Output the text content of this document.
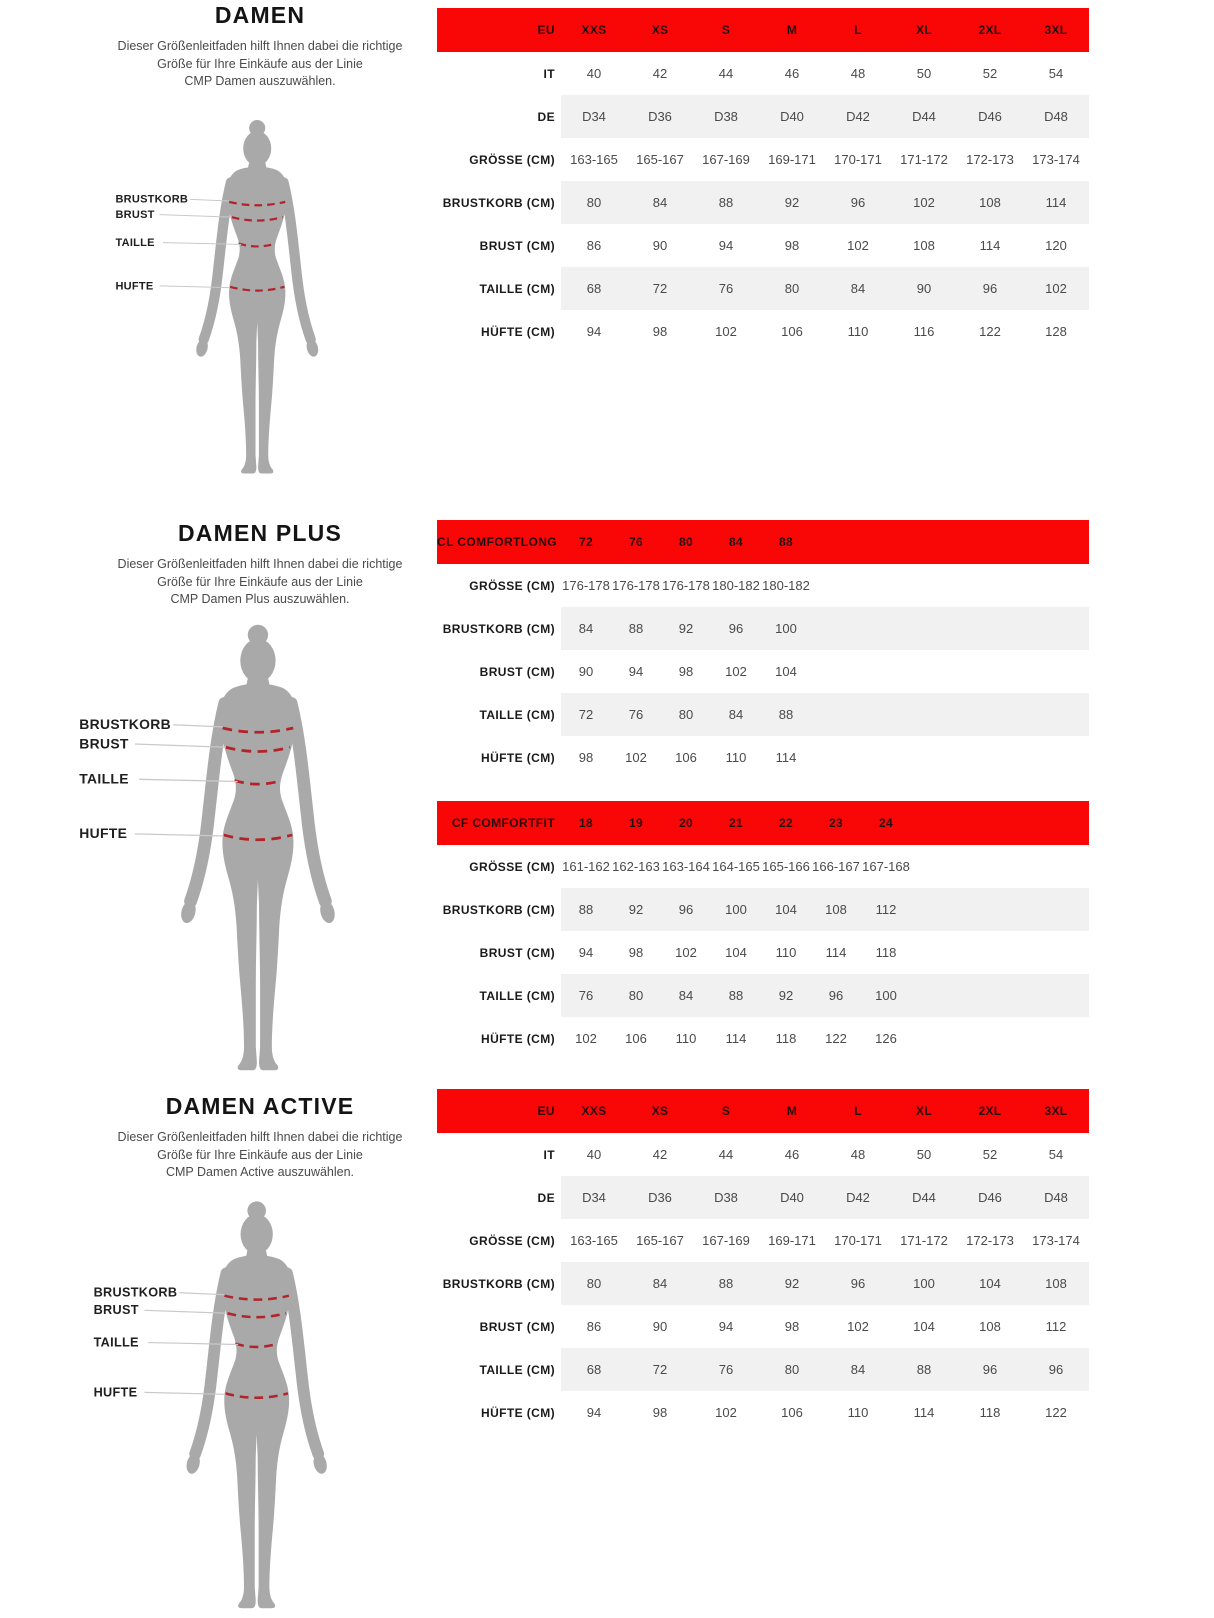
DAMEN
Dieser Größenleitfaden hilft Ihnen dabei die richtige
Größe für Ihre Einkäufe aus der Linie
CMP Damen auszuwählen.
BRUSTKORB
BRUST
TAILLE
HUFTE
EU	XXS	XS	S	M	L	XL	2XL	3XL
IT	40	42	44	46	48	50	52	54
DE	D34	D36	D38	D40	D42	D44	D46	D48
GRÖSSE (CM)	163-165	165-167	167-169	169-171	170-171	171-172	172-173	173-174
BRUSTKORB (CM)	80	84	88	92	96	102	108	114
BRUST (CM)	86	90	94	98	102	108	114	120
TAILLE (CM)	68	72	76	80	84	90	96	102
HÜFTE (CM)	94	98	102	106	110	116	122	128
DAMEN PLUS
Dieser Größenleitfaden hilft Ihnen dabei die richtige
Größe für Ihre Einkäufe aus der Linie
CMP Damen Plus auszuwählen.
BRUSTKORB
BRUST
TAILLE
HUFTE
CL COMFORTLONG	72	76	80	84	88
GRÖSSE (CM) 176-178 176-178 176-178 180-182 180-182
BRUSTKORB (CM)	84	88	92	96	100
BRUST (CM)	90	94	98	102	104
TAILLE (CM)	72	76	80	84	88
HÜFTE (CM)	98	102	106	110	114
CF COMFORTFIT	18	19	20	21	22	23	24
GRÖSSE (CM) 161-162 162-163 163-164 164-165 165-166 166-167 167-168
BRUSTKORB (CM)	88	92	96	100	104	108	112
BRUST (CM)	94	98	102	104	110	114	118
TAILLE (CM)	76	80	84	88	92	96	100
HÜFTE (CM)	102	106	110	114	118	122	126
DAMEN ACTIVE
Dieser Größenleitfaden hilft Ihnen dabei die richtige
Größe für Ihre Einkäufe aus der Linie
CMP Damen Active auszuwählen.
BRUSTKORB
BRUST
TAILLE
HUFTE
EU	XXS	XS	S	M	L	XL	2XL	3XL
IT	40	42	44	46	48	50	52	54
DE	D34	D36	D38	D40	D42	D44	D46	D48
GRÖSSE (CM)	163-165	165-167	167-169	169-171	170-171	171-172	172-173	173-174
BRUSTKORB (CM)	80	84	88	92	96	100	104	108
BRUST (CM)	86	90	94	98	102	104	108	112
TAILLE (CM)	68	72	76	80	84	88	96	96
HÜFTE (CM)	94	98	102	106	110	114	118	122
